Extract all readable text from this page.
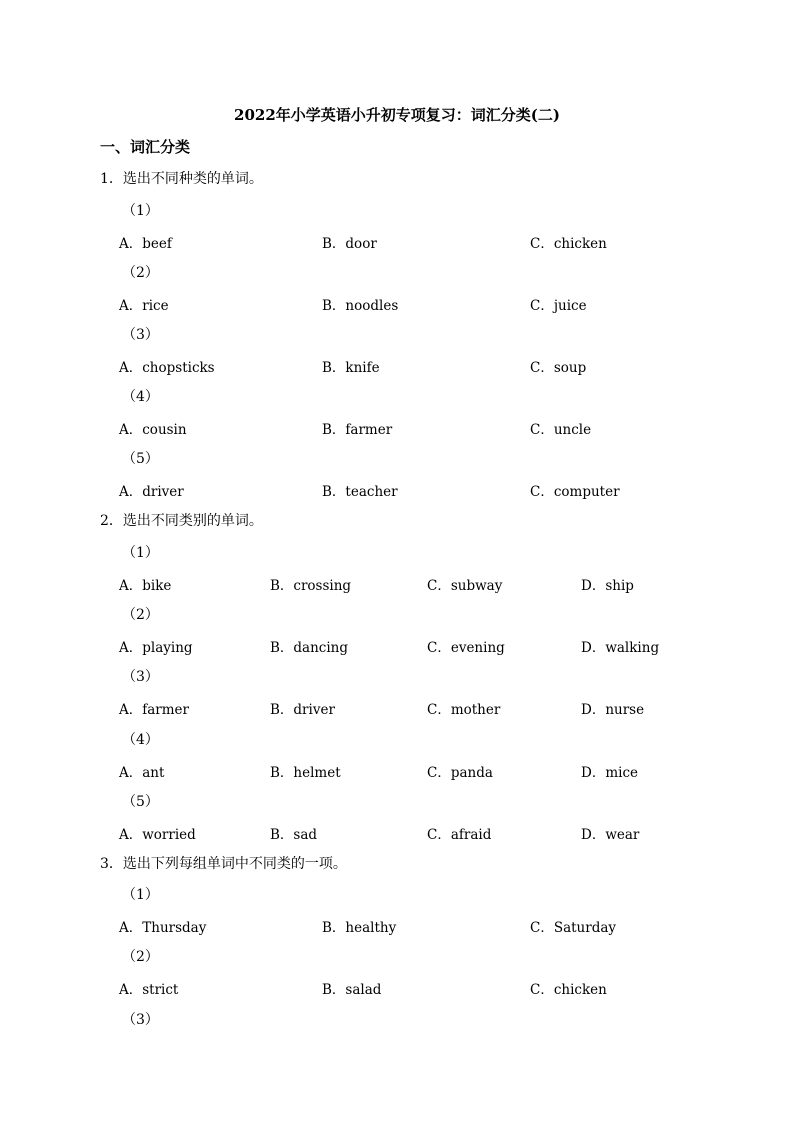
2022年小学英语小升初专项复习：词汇分类(二)
一、词汇分类
1．选出不同种类的单词。
（1）
A．beef	B．door	C．chicken
（2）
A．rice	B．noodles	C．juice
（3）
A．chopsticks	B．knife	C．soup
（4）
A．cousin	B．farmer	C．uncle
（5）
A．driver	B．teacher	C．computer
2．选出不同类别的单词。
（1）
A．bike	B．crossing	C．subway	D．ship
（2）
A．playing	B．dancing	C．evening	D．walking
（3）
A．farmer	B．driver	C．mother	D．nurse
（4）
A．ant	B．helmet	C．panda	D．mice
（5）
A．worried	B．sad	C．afraid	D．wear
3．选出下列每组单词中不同类的一项。
（1）
A．Thursday	B．healthy	C．Saturday
（2）
A．strict	B．salad	C．chicken
（3）
